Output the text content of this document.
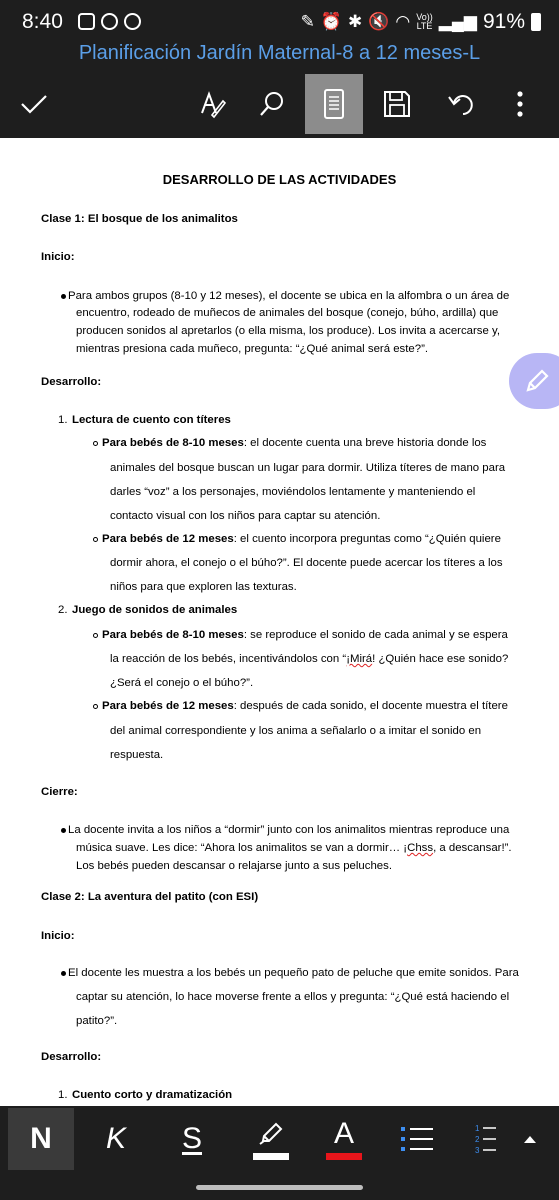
8:40	✎ ⏰ ✱ 🔇 ◠ Vo))
LTE ▂▄▆ 91%
Planificación Jardín Maternal-8 a 12 meses-L
DESARROLLO DE LAS ACTIVIDADES
Clase 1: El bosque de los animalitos
Inicio:
Para ambos grupos (8-10 y 12 meses), el docente se ubica en la alfombra o un área de
encuentro, rodeado de muñecos de animales del bosque (conejo, búho, ardilla) que
producen sonidos al apretarlos (o ella misma, los produce). Los invita a acercarse y,
mientras presiona cada muñeco, pregunta: “¿Qué animal será este?”.
Desarrollo:
1. Lectura de cuento con títeres
Para bebés de 8-10 meses: el docente cuenta una breve historia donde los
animales del bosque buscan un lugar para dormir. Utiliza títeres de mano para
darles “voz” a los personajes, moviéndolos lentamente y manteniendo el
contacto visual con los niños para captar su atención.
Para bebés de 12 meses: el cuento incorpora preguntas como “¿Quién quiere
dormir ahora, el conejo o el búho?”. El docente puede acercar los títeres a los
niños para que exploren las texturas.
2. Juego de sonidos de animales
Para bebés de 8-10 meses: se reproduce el sonido de cada animal y se espera
la reacción de los bebés, incentivándolos con “¡Mirá! ¿Quién hace ese sonido?
¿Será el conejo o el búho?”.
Para bebés de 12 meses: después de cada sonido, el docente muestra el títere
del animal correspondiente y los anima a señalarlo o a imitar el sonido en
respuesta.
Cierre:
La docente invita a los niños a “dormir” junto con los animalitos mientras reproduce una
música suave. Les dice: “Ahora los animalitos se van a dormir… ¡Chss, a descansar!”.
Los bebés pueden descansar o relajarse junto a sus peluches.
Clase 2: La aventura del patito (con ESI)
Inicio:
El docente les muestra a los bebés un pequeño pato de peluche que emite sonidos. Para
captar su atención, lo hace moverse frente a ellos y pregunta: “¿Qué está haciendo el
patito?”.
Desarrollo:
1. Cuento corto y dramatización
N	K	S	A	1
2
3
